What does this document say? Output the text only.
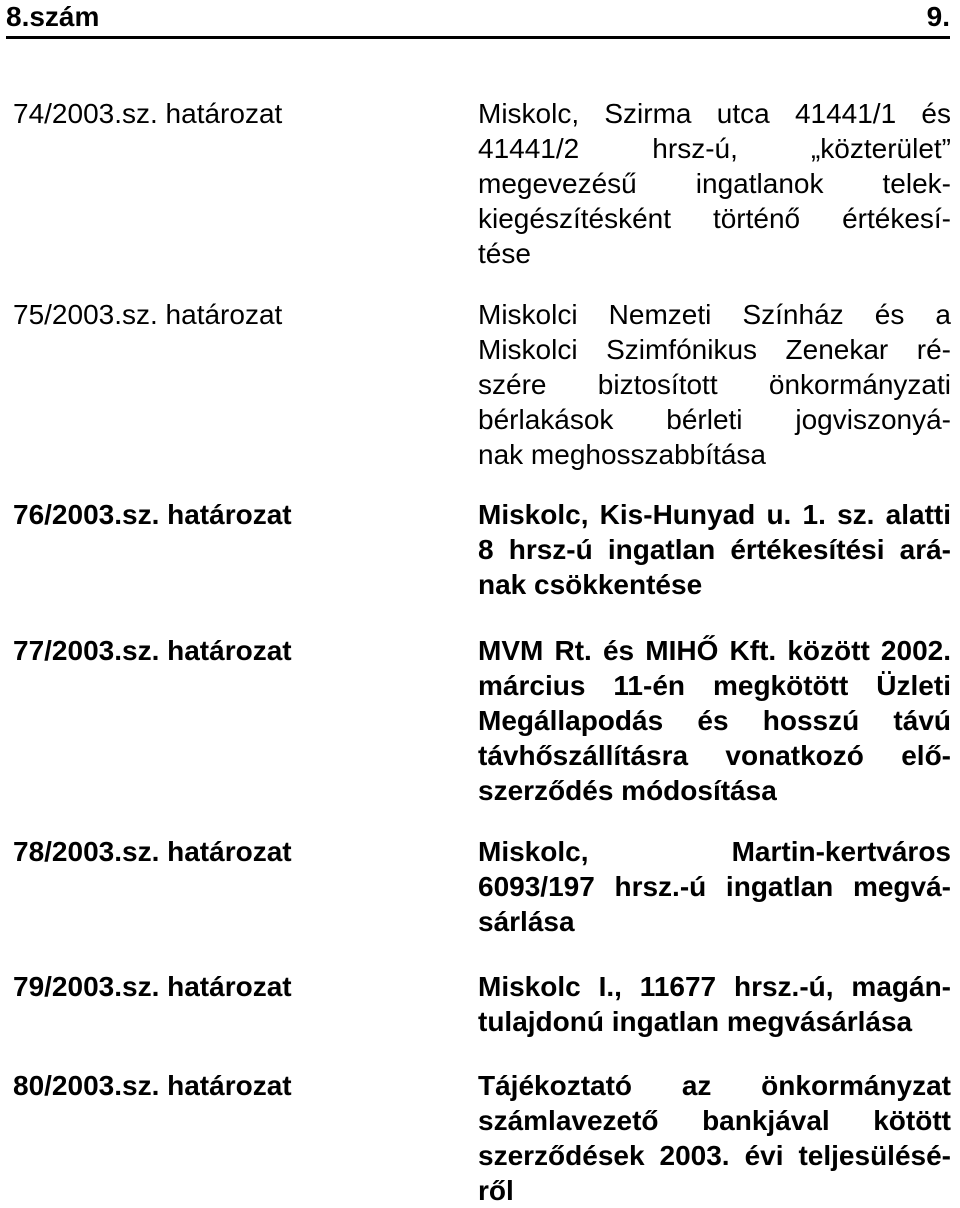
8.szám	9.
74/2003.sz. határozat	Miskolc, Szirma utca 41441/1 és
41441/2 hrsz-ú, „közterület”
megevezésű ingatlanok telek-
kiegészítésként történő értékesí-
tése
75/2003.sz. határozat	Miskolci Nemzeti Színház és a
Miskolci Szimfónikus Zenekar ré-
szére biztosított önkormányzati
bérlakások bérleti jogviszonyá-
nak meghosszabbítása
76/2003.sz. határozat	Miskolc, Kis-Hunyad u. 1. sz. alatti
8 hrsz-ú ingatlan értékesítési ará-
nak csökkentése
77/2003.sz. határozat	MVM Rt. és MIHŐ Kft. között 2002.
március 11-én megkötött Üzleti
Megállapodás és hosszú távú
távhőszállításra vonatkozó elő-
szerződés módosítása
78/2003.sz. határozat	Miskolc, Martin-kertváros
6093/197 hrsz.-ú ingatlan megvá-
sárlása
79/2003.sz. határozat	Miskolc I., 11677 hrsz.-ú, magán-
tulajdonú ingatlan megvásárlása
80/2003.sz. határozat	Tájékoztató az önkormányzat
számlavezető bankjával kötött
szerződések 2003. évi teljesülésé-
ről
